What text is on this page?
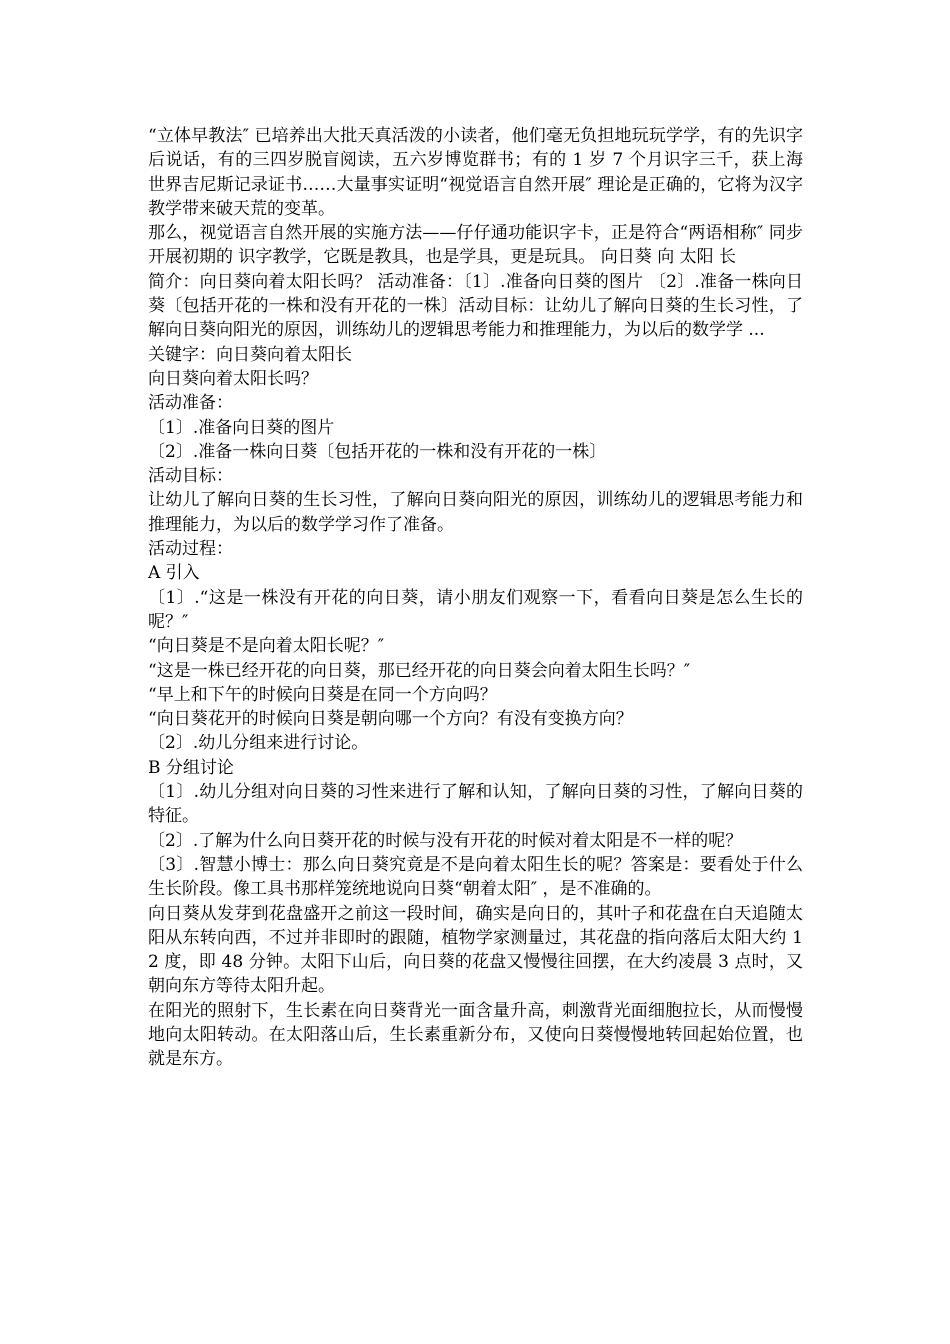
“立体早教法″ 已培养出大批天真活泼的小读者，他们毫无负担地玩玩学学，有的先识字后说话，有的三四岁脱盲阅读，五六岁博览群书；有的 1 岁 7 个月识字三千，获上海世界吉尼斯记录证书……大量事实证明“视觉语言自然开展″ 理论是正确的，它将为汉字教学带来破天荒的变革。

那么，视觉语言自然开展的实施方法——仔仔通功能识字卡，正是符合“两语相称″ 同步开展初期的 识字教学，它既是教具，也是学具，更是玩具。 向日葵 向 太阳 长

简介：向日葵向着太阳长吗？ 活动准备：〔1〕.准备向日葵的图片 〔2〕.准备一株向日葵〔包括开花的一株和没有开花的一株〕活动目标：让幼儿了解向日葵的生长习性，了解向日葵向阳光的原因，训练幼儿的逻辑思考能力和推理能力，为以后的数学学 ...

关键字：向日葵向着太阳长

向日葵向着太阳长吗？

活动准备：

〔1〕.准备向日葵的图片

〔2〕.准备一株向日葵〔包括开花的一株和没有开花的一株〕

活动目标：

让幼儿了解向日葵的生长习性，了解向日葵向阳光的原因，训练幼儿的逻辑思考能力和推理能力，为以后的数学学习作了准备。

活动过程：

A 引入

〔1〕.“这是一株没有开花的向日葵，请小朋友们观察一下，看看向日葵是怎么生长的呢？″

“向日葵是不是向着太阳长呢？″

“这是一株已经开花的向日葵，那已经开花的向日葵会向着太阳生长吗？″

“早上和下午的时候向日葵是在同一个方向吗？

“向日葵花开的时候向日葵是朝向哪一个方向？有没有变换方向？

〔2〕.幼儿分组来进行讨论。

B 分组讨论

〔1〕.幼儿分组对向日葵的习性来进行了解和认知，了解向日葵的习性，了解向日葵的特征。

〔2〕.了解为什么向日葵开花的时候与没有开花的时候对着太阳是不一样的呢？

〔3〕.智慧小博士：那么向日葵究竟是不是向着太阳生长的呢？答案是：要看处于什么生长阶段。像工具书那样笼统地说向日葵“朝着太阳″ ，是不准确的。

向日葵从发芽到花盘盛开之前这一段时间，确实是向日的，其叶子和花盘在白天追随太阳从东转向西，不过并非即时的跟随，植物学家测量过，其花盘的指向落后太阳大约 12 度，即 48 分钟。太阳下山后，向日葵的花盘又慢慢往回摆，在大约凌晨 3 点时，又朝向东方等待太阳升起。

在阳光的照射下，生长素在向日葵背光一面含量升高，刺激背光面细胞拉长，从而慢慢地向太阳转动。在太阳落山后，生长素重新分布，又使向日葵慢慢地转回起始位置，也就是东方。
